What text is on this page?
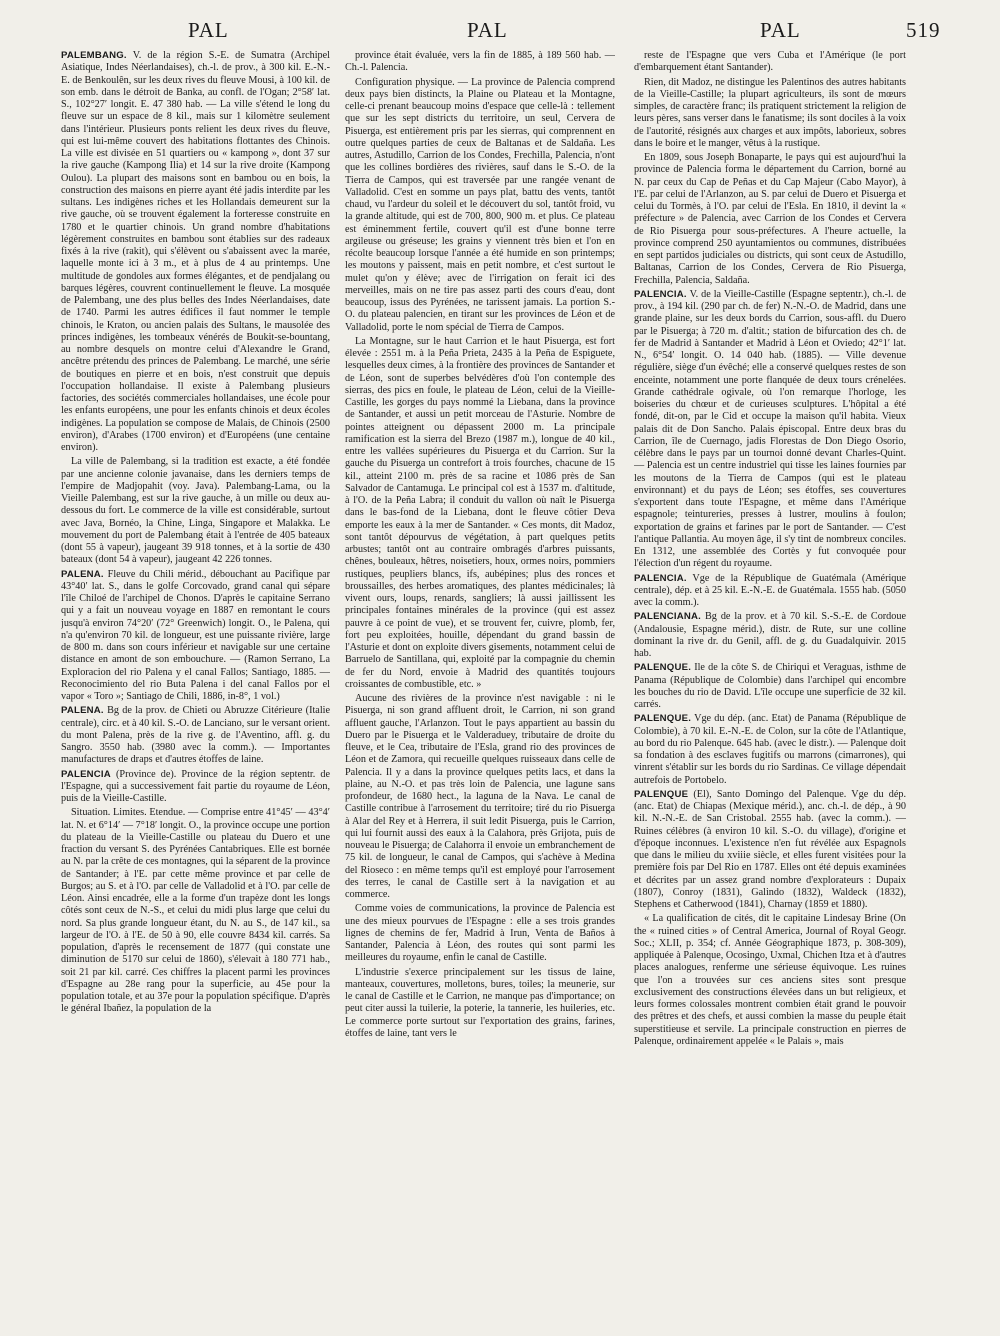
PAL	PAL	PAL	519

PALEMBANG. V. de la région S.-E. de Sumatra (Archipel Asiatique, Indes Néerlandaises), ch.-l. de prov., à 300 kil. E.-N.-E. de Benkoulên, sur les deux rives du fleuve Mousi, à 100 kil. de son emb. dans le détroit de Banka, au confl. de l'Ogan; 2°58′ lat. S., 102°27′ longit. E. 47 380 hab. — La ville s'étend le long du fleuve sur un espace de 8 kil., mais sur 1 kilomètre seulement dans l'intérieur. Plusieurs ponts relient les deux rives du fleuve, qui est lui-même couvert des habitations flottantes des Chinois. La ville est divisée en 51 quartiers ou « kampong », dont 37 sur la rive gauche (Kampong Ilia) et 14 sur la rive droite (Kampong Oulou). La plupart des maisons sont en bambou ou en bois, la construction des maisons en pierre ayant été jadis interdite par les sultans. Les indigènes riches et les Hollandais demeurent sur la rive gauche, où se trouvent également la forteresse construite en 1780 et le quartier chinois. Un grand nombre d'habitations légèrement construites en bambou sont établies sur des radeaux fixés à la rive (rakit), qui s'élèvent ou s'abaissent avec la marée, laquelle monte ici à 3 m., et à plus de 4 au printemps. Une multitude de gondoles aux formes élégantes, et de pendjalang ou barques légères, couvrent continuellement le fleuve. La mosquée de Palembang, une des plus belles des Indes Néerlandaises, date de 1740. Parmi les autres édifices il faut nommer le temple chinois, le Kraton, ou ancien palais des Sultans, le mausolée des princes indigènes, les tombeaux vénérés de Boukit-se-bountang, au nombre desquels on montre celui d'Alexandre le Grand, ancêtre prétendu des princes de Palembang. Le marché, une série de boutiques en pierre et en bois, n'est construit que depuis l'occupation hollandaise. Il existe à Palembang plusieurs factories, des sociétés commerciales hollandaises, une école pour les enfants européens, une pour les enfants chinois et deux écoles indigènes. La population se compose de Malais, de Chinois (2500 environ), d'Arabes (1700 environ) et d'Européens (une centaine environ).

La ville de Palembang, si la tradition est exacte, a été fondée par une ancienne colonie javanaise, dans les derniers temps de l'empire de Madjopahit (voy. Java). Palembang-Lama, ou la Vieille Palembang, est sur la rive gauche, à un mille ou deux au-dessous du fort. Le commerce de la ville est considérable, surtout avec Java, Bornéo, la Chine, Linga, Singapore et Malakka. Le mouvement du port de Palembang était à l'entrée de 405 bateaux (dont 55 à vapeur), jaugeant 39 918 tonnes, et à la sortie de 430 bateaux (dont 54 à vapeur), jaugeant 42 226 tonnes.

PALENA. Fleuve du Chili mérid., débouchant au Pacifique par 43°40′ lat. S., dans le golfe Corcovado, grand canal qui sépare l'île Chiloé de l'archipel de Chonos. D'après le capitaine Serrano qui y a fait un nouveau voyage en 1887 en remontant le cours jusqu'à environ 74°20′ (72° Greenwich) longit. O., le Palena, qui n'a qu'environ 70 kil. de longueur, est une puissante rivière, large de 800 m. dans son cours inférieur et navigable sur une certaine distance en amont de son embouchure. — (Ramon Serrano, La Exploracion del rio Palena y el canal Fallos; Santiago, 1885. — Reconocimiento del rio Buta Palena i del canal Fallos por el vapor « Toro »; Santiago de Chili, 1886, in-8°, 1 vol.)

PALENA. Bg de la prov. de Chieti ou Abruzze Citérieure (Italie centrale), circ. et à 40 kil. S.-O. de Lanciano, sur le versant orient. du mont Palena, près de la rive g. de l'Aventino, affl. g. du Sangro. 3550 hab. (3980 avec la comm.). — Importantes manufactures de draps et d'autres étoffes de laine.

PALENCIA (Province de). Province de la région septentr. de l'Espagne, qui a successivement fait partie du royaume de Léon, puis de la Vieille-Castille.

Situation. Limites. Etendue. — Comprise entre 41°45′ — 43°4′ lat. N. et 6°14′ — 7°18′ longit. O., la province occupe une portion du plateau de la Vieille-Castille ou plateau du Duero et une fraction du versant S. des Pyrénées Cantabriques. Elle est bornée au N. par la crête de ces montagnes, qui la séparent de la province de Santander; à l'E. par cette même province et par celle de Burgos; au S. et à l'O. par celle de Valladolid et à l'O. par celle de Léon. Ainsi encadrée, elle a la forme d'un trapèze dont les longs côtés sont ceux de N.-S., et celui du midi plus large que celui du nord. Sa plus grande longueur étant, du N. au S., de 147 kil., sa largeur de l'O. à l'E. de 50 à 90, elle couvre 8434 kil. carrés. Sa population, d'après le recensement de 1877 (qui constate une diminution de 5170 sur celui de 1860), s'élevait à 180 771 hab., soit 21 par kil. carré. Ces chiffres la placent parmi les provinces d'Espagne au 28e rang pour la superficie, au 45e pour la population totale, et au 37e pour la population spécifique. D'après le général Ibañez, la population de la

province était évaluée, vers la fin de 1885, à 189 560 hab. — Ch.-l. Palencia.

Configuration physique. — La province de Palencia comprend deux pays bien distincts, la Plaine ou Plateau et la Montagne, celle-ci prenant beaucoup moins d'espace que celle-là : tellement que sur les sept districts du territoire, un seul, Cervera de Pisuerga, est entièrement pris par les sierras, qui comprennent en outre quelques parties de ceux de Baltanas et de Saldaña. Les autres, Astudillo, Carrion de los Condes, Frechilla, Palencia, n'ont que les collines bordières des rivières, sauf dans le S.-O. de la Tierra de Campos, qui est traversée par une rangée venant de Valladolid. C'est en somme un pays plat, battu des vents, tantôt chaud, vu l'ardeur du soleil et le découvert du sol, tantôt froid, vu la grande altitude, qui est de 700, 800, 900 m. et plus. Ce plateau est éminemment fertile, couvert qu'il est d'une bonne terre argileuse ou gréseuse; les grains y viennent très bien et l'on en récolte beaucoup lorsque l'année a été humide en son printemps; les moutons y paissent, mais en petit nombre, et c'est surtout le mulet qu'on y élève; avec de l'irrigation on ferait ici des merveilles, mais on ne tire pas assez parti des cours d'eau, dont beaucoup, issus des Pyrénées, ne tarissent jamais. La portion S.-O. du plateau palencien, en tirant sur les provinces de Léon et de Valladolid, porte le nom spécial de Tierra de Campos.

La Montagne, sur le haut Carrion et le haut Pisuerga, est fort élevée : 2551 m. à la Peña Prieta, 2435 à la Peña de Espiguete, lesquelles deux cimes, à la frontière des provinces de Santander et de Léon, sont de superbes belvédères d'où l'on contemple des sierras, des pics en foule, le plateau de Léon, celui de la Vieille-Castille, les gorges du pays nommé la Liebana, dans la province de Santander, et aussi un petit morceau de l'Asturie. Nombre de pointes atteignent ou dépassent 2000 m. La principale ramification est la sierra del Brezo (1987 m.), longue de 40 kil., entre les vallées supérieures du Pisuerga et du Carrion. Sur la gauche du Pisuerga un contrefort à trois fourches, chacune de 15 kil., atteint 2100 m. près de sa racine et 1086 près de San Salvador de Cantamuga. Le principal col est à 1537 m. d'altitude, à l'O. de la Peña Labra; il conduit du vallon où naît le Pisuerga dans le bas-fond de la Liebana, dont le fleuve côtier Deva emporte les eaux à la mer de Santander. « Ces monts, dit Madoz, sont tantôt dépourvus de végétation, à part quelques petits arbustes; tantôt ont au contraire ombragés d'arbres puissants, chênes, bouleaux, hêtres, noisetiers, houx, ormes noirs, pommiers rustiques, peupliers blancs, ifs, aubépines; plus des ronces et broussailles, des herbes aromatiques, des plantes médicinales; là vivent ours, loups, renards, sangliers; là aussi jaillissent les principales fontaines minérales de la province (qui est assez pauvre à ce point de vue), et se trouvent fer, cuivre, plomb, fer, fort peu exploitées, houille, dépendant du grand bassin de l'Asturie et dont on exploite divers gisements, notamment celui de Barruelo de Santillana, qui, exploité par la compagnie du chemin de fer du Nord, envoie à Madrid des quantités toujours croissantes de combustible, etc. »

Aucune des rivières de la province n'est navigable : ni le Pisuerga, ni son grand affluent droit, le Carrion, ni son grand affluent gauche, l'Arlanzon. Tout le pays appartient au bassin du Duero par le Pisuerga et le Valderaduey, tributaire de droite du fleuve, et le Cea, tributaire de l'Esla, grand rio des provinces de Léon et de Zamora, qui recueille quelques ruisseaux dans celle de Palencia. Il y a dans la province quelques petits lacs, et dans la plaine, au N.-O. et pas très loin de Palencia, une lagune sans profondeur, de 1680 hect., la laguna de la Nava. Le canal de Castille contribue à l'arrosement du territoire; tiré du rio Pisuerga à Alar del Rey et à Herrera, il suit ledit Pisuerga, puis le Carrion, qui lui fournit aussi des eaux à la Calahora, près Grijota, puis de nouveau le Pisuerga; de Calahorra il envoie un embranchement de 75 kil. de longueur, le canal de Campos, qui s'achève à Medina del Rioseco : en même temps qu'il est employé pour l'arrosement des terres, le canal de Castille sert à la navigation et au commerce.

Comme voies de communications, la province de Palencia est une des mieux pourvues de l'Espagne : elle a ses trois grandes lignes de chemins de fer, Madrid à Irun, Venta de Baños à Santander, Palencia à Léon, des routes qui sont parmi les meilleures du royaume, enfin le canal de Castille.

L'industrie s'exerce principalement sur les tissus de laine, manteaux, couvertures, molletons, bures, toiles; la meunerie, sur le canal de Castille et le Carrion, ne manque pas d'importance; on peut citer aussi la tuilerie, la poterie, la tannerie, les huileries, etc. Le commerce porte surtout sur l'exportation des grains, farines, étoffes de laine, tant vers le

reste de l'Espagne que vers Cuba et l'Amérique (le port d'embarquement étant Santander).

Rien, dit Madoz, ne distingue les Palentinos des autres habitants de la Vieille-Castille; la plupart agriculteurs, ils sont de mœurs simples, de caractère franc; ils pratiquent strictement la religion de leurs pères, sans verser dans le fanatisme; ils sont dociles à la voix de l'autorité, résignés aux charges et aux impôts, laborieux, sobres dans le boire et le manger, vêtus à la rustique.

En 1809, sous Joseph Bonaparte, le pays qui est aujourd'hui la province de Palencia forma le département du Carrion, borné au N. par ceux du Cap de Peñas et du Cap Majeur (Cabo Mayor), à l'E. par celui de l'Arlanzon, au S. par celui de Duero et Pisuerga et celui du Tormès, à l'O. par celui de l'Esla. En 1810, il devint la « préfecture » de Palencia, avec Carrion de los Condes et Cervera de Rio Pisuerga pour sous-préfectures. A l'heure actuelle, la province comprend 250 ayuntamientos ou communes, distribuées en sept partidos judiciales ou districts, qui sont ceux de Astudillo, Baltanas, Carrion de los Condes, Cervera de Rio Pisuerga, Frechilla, Palencia, Saldaña.

PALENCIA. V. de la Vieille-Castille (Espagne septentr.), ch.-l. de prov., à 194 kil. (290 par ch. de fer) N.-N.-O. de Madrid, dans une grande plaine, sur les deux bords du Carrion, sous-affl. du Duero par le Pisuerga; à 720 m. d'altit.; station de bifurcation des ch. de fer de Madrid à Santander et Madrid à Léon et Oviedo; 42°1′ lat. N., 6°54′ longit. O. 14 040 hab. (1885). — Ville devenue régulière, siège d'un évêché; elle a conservé quelques restes de son enceinte, notamment une porte flanquée de deux tours crénelées. Grande cathédrale ogivale, où l'on remarque l'horloge, les boiseries du chœur et de curieuses sculptures. L'hôpital a été fondé, dit-on, par le Cid et occupe la maison qu'il habita. Vieux palais dit de Don Sancho. Palais épiscopal. Entre deux bras du Carrion, île de Cuernago, jadis Florestas de Don Diego Osorio, célèbre dans le pays par un tournoi donné devant Charles-Quint. — Palencia est un centre industriel qui tisse les laines fournies par les moutons de la Tierra de Campos (qui est le plateau environnant) et du pays de Léon; ses étoffes, ses couvertures s'exportent dans toute l'Espagne, et même dans l'Amérique espagnole; teintureries, presses à lustrer, moulins à foulon; exportation de grains et farines par le port de Santander. — C'est l'antique Pallantia. Au moyen âge, il s'y tint de nombreux conciles. En 1312, une assemblée des Cortès y fut convoquée pour l'élection d'un régent du royaume.

PALENCIA. Vge de la République de Guatémala (Amérique centrale), dép. et à 25 kil. E.-N.-E. de Guatémala. 1555 hab. (5050 avec la comm.).

PALENCIANA. Bg de la prov. et à 70 kil. S.-S.-E. de Cordoue (Andalousie, Espagne mérid.), distr. de Rute, sur une colline dominant la rive dr. du Genil, affl. de g. du Guadalquivir. 2015 hab.

PALENQUE. Ile de la côte S. de Chiriqui et Veraguas, isthme de Panama (République de Colombie) dans l'archipel qui encombre les bouches du rio de David. L'île occupe une superficie de 32 kil. carrés.

PALENQUE. Vge du dép. (anc. Etat) de Panama (République de Colombie), à 70 kil. E.-N.-E. de Colon, sur la côte de l'Atlantique, au bord du rio Palenque. 645 hab. (avec le distr.). — Palenque doit sa fondation à des esclaves fugitifs ou marrons (cimarrones), qui vinrent s'établir sur les bords du rio Sardinas. Ce village dépendait autrefois de Portobelo.

PALENQUE (El), Santo Domingo del Palenque. Vge du dép. (anc. Etat) de Chiapas (Mexique mérid.), anc. ch.-l. de dép., à 90 kil. N.-N.-E. de San Cristobal. 2555 hab. (avec la comm.). — Ruines célèbres (à environ 10 kil. S.-O. du village), d'origine et d'époque inconnues. L'existence n'en fut révélée aux Espagnols que dans le milieu du xviiie siècle, et elles furent visitées pour la première fois par Del Rio en 1787. Elles ont été depuis examinées et décrites par un assez grand nombre d'explorateurs : Dupaix (1807), Conroy (1831), Galindo (1832), Waldeck (1832), Stephens et Catherwood (1841), Charnay (1859 et 1880).

« La qualification de cités, dit le capitaine Lindesay Brine (On the « ruined cities » of Central America, Journal of Royal Geogr. Soc.; XLII, p. 354; cf. Année Géographique 1873, p. 308-309), appliquée à Palenque, Ocosingo, Uxmal, Chichen Itza et à d'autres places analogues, renferme une sérieuse équivoque. Les ruines que l'on a trouvées sur ces anciens sites sont presque exclusivement des constructions élevées dans un but religieux, et leurs formes colossales montrent combien était grand le pouvoir des prêtres et des chefs, et aussi combien la masse du peuple était superstitieuse et servile. La principale construction en pierres de Palenque, ordinairement appelée « le Palais », mais
